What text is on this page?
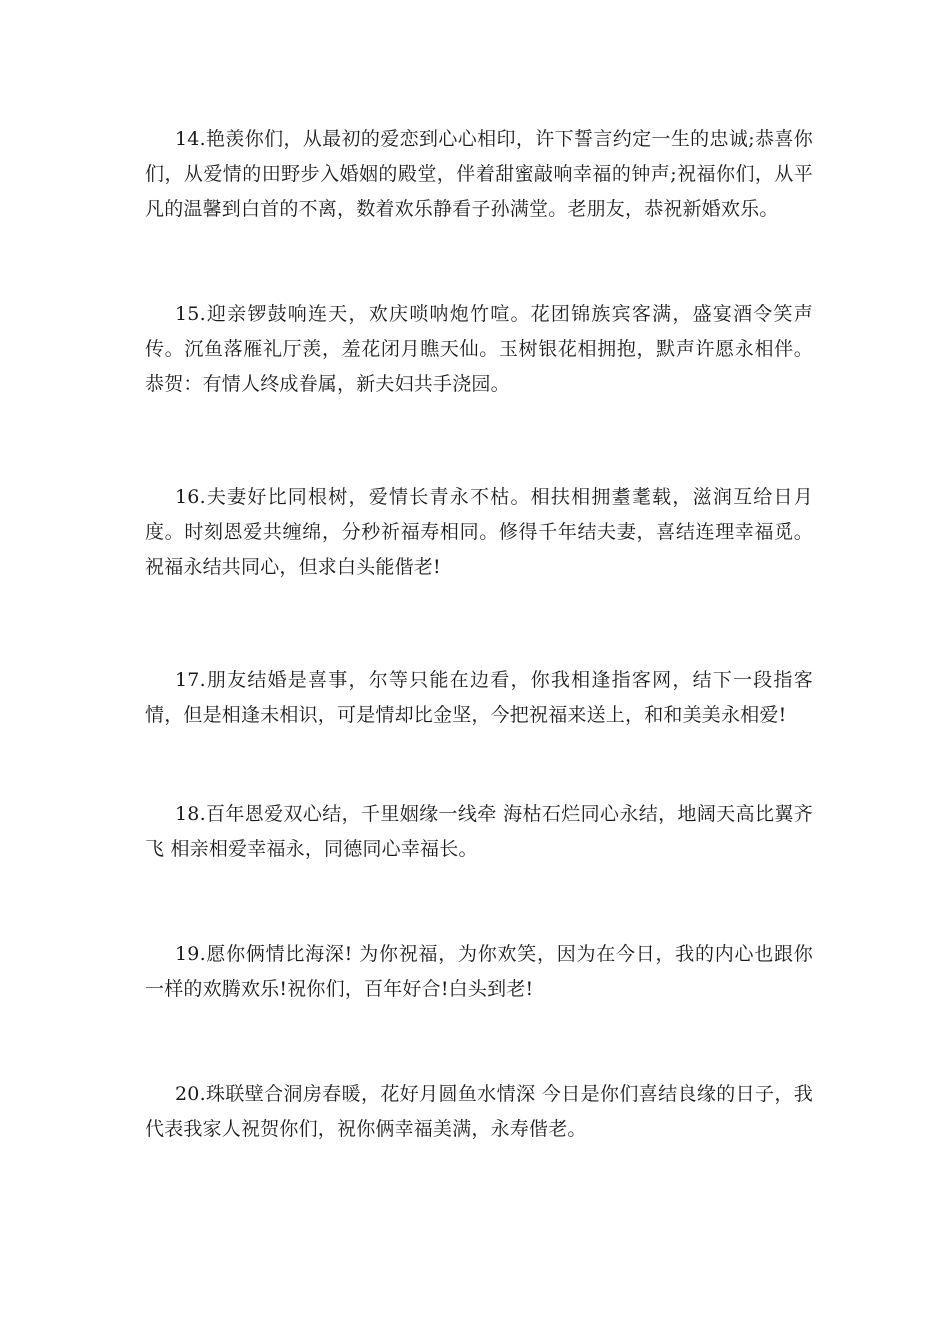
14.艳羡你们，从最初的爱恋到心心相印，许下誓言约定一生的忠诚;恭喜你们，从爱情的田野步入婚姻的殿堂，伴着甜蜜敲响幸福的钟声;祝福你们，从平凡的温馨到白首的不离，数着欢乐静看子孙满堂。老朋友，恭祝新婚欢乐。

15.迎亲锣鼓响连天，欢庆唢呐炮竹喧。花团锦族宾客满，盛宴酒令笑声传。沉鱼落雁礼厅羡，羞花闭月瞧天仙。玉树银花相拥抱，默声许愿永相伴。恭贺：有情人终成眷属，新夫妇共手浇园。

16.夫妻好比同根树，爱情长青永不枯。相扶相拥耋耄载，滋润互给日月度。时刻恩爱共缠绵，分秒祈福寿相同。修得千年结夫妻，喜结连理幸福觅。祝福永结共同心，但求白头能偕老!

17.朋友结婚是喜事，尔等只能在边看，你我相逢指客网，结下一段指客情，但是相逢未相识，可是情却比金坚，今把祝福来送上，和和美美永相爱!

18.百年恩爱双心结，千里姻缘一线牵 海枯石烂同心永结，地阔天高比翼齐飞 相亲相爱幸福永，同德同心幸福长。

19.愿你俩情比海深! 为你祝福，为你欢笑，因为在今日，我的内心也跟你一样的欢腾欢乐!祝你们，百年好合!白头到老!

20.珠联壁合洞房春暖，花好月圆鱼水情深 今日是你们喜结良缘的日子，我代表我家人祝贺你们，祝你俩幸福美满，永寿偕老。
